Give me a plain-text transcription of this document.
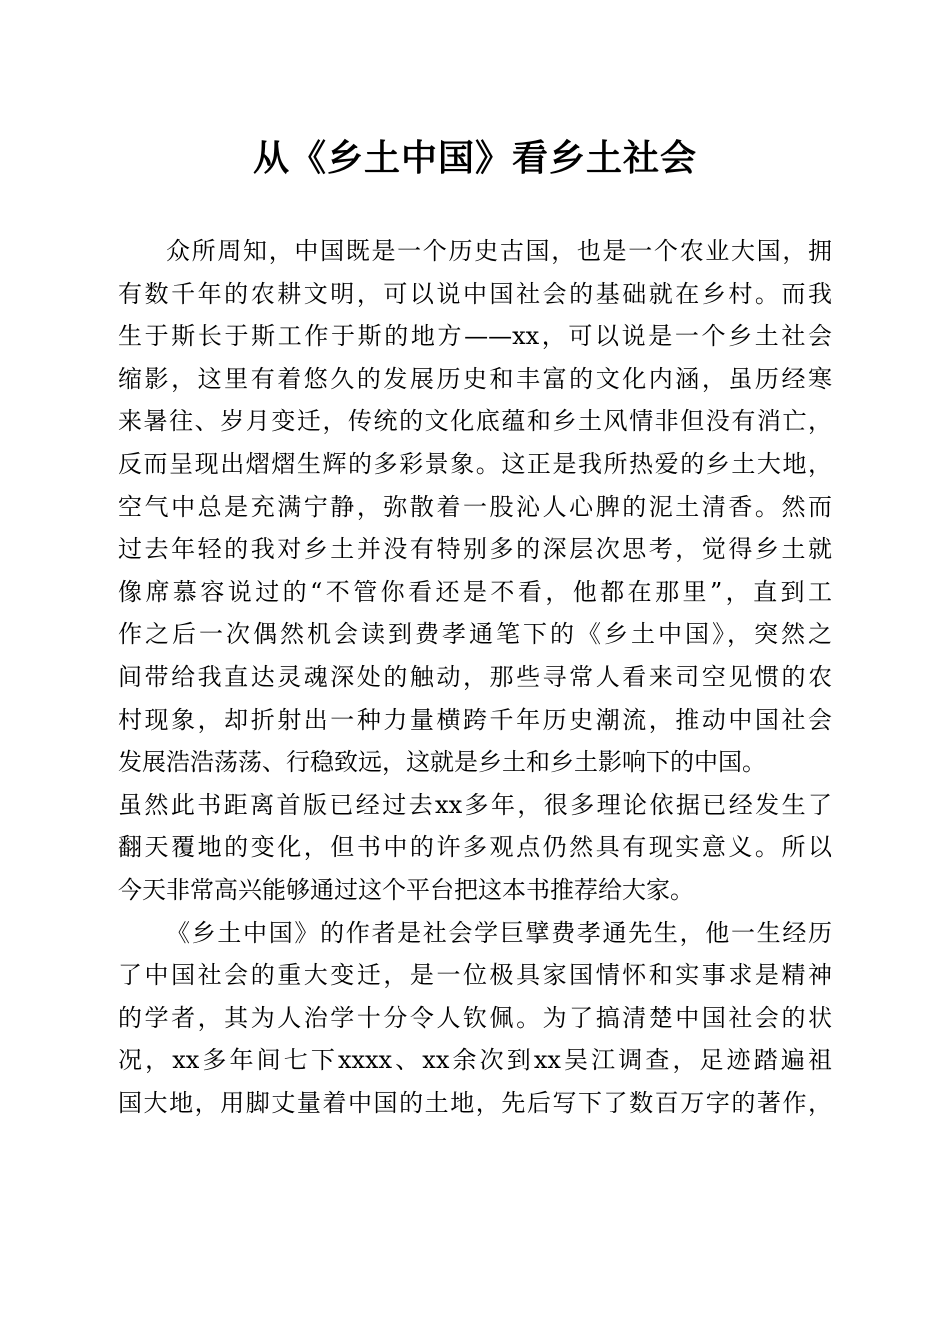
从《乡土中国》看乡土社会
众所周知，中国既是一个历史古国，也是一个农业大国，拥
有数千年的农耕文明，可以说中国社会的基础就在乡村。而我
生于斯长于斯工作于斯的地方——xx，可以说是一个乡土社会
缩影，这里有着悠久的发展历史和丰富的文化内涵，虽历经寒
来暑往、岁月变迁，传统的文化底蕴和乡土风情非但没有消亡，
反而呈现出熠熠生辉的多彩景象。这正是我所热爱的乡土大地，
空气中总是充满宁静，弥散着一股沁人心脾的泥土清香。然而
过去年轻的我对乡土并没有特别多的深层次思考，觉得乡土就
像席慕容说过的“不管你看还是不看，他都在那里”，直到工
作之后一次偶然机会读到费孝通笔下的《乡土中国》，突然之
间带给我直达灵魂深处的触动，那些寻常人看来司空见惯的农
村现象，却折射出一种力量横跨千年历史潮流，推动中国社会
发展浩浩荡荡、行稳致远，这就是乡土和乡土影响下的中国。
虽然此书距离首版已经过去xx多年，很多理论依据已经发生了
翻天覆地的变化，但书中的许多观点仍然具有现实意义。所以
今天非常高兴能够通过这个平台把这本书推荐给大家。
《乡土中国》的作者是社会学巨擘费孝通先生，他一生经历
了中国社会的重大变迁，是一位极具家国情怀和实事求是精神
的学者，其为人治学十分令人钦佩。为了搞清楚中国社会的状
况，xx多年间七下xxxx、xx余次到xx吴江调查，足迹踏遍祖
国大地，用脚丈量着中国的土地，先后写下了数百万字的著作，
